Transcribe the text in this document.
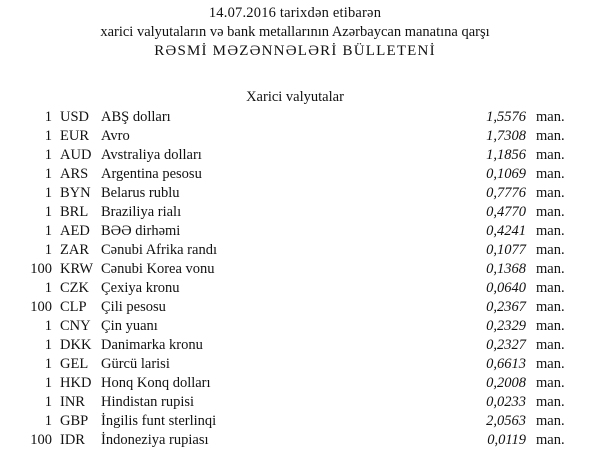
14.07.2016 tarixdən etibarən
xarici valyutaların və bank metallarının Azərbaycan manatına qarşı
RƏSMİ MƏZƏNNƏLƏRİ BÜLLETENİ
Xarici valyutalar
1 USD ABŞ dolları	1,5576 man.
1 EUR Avro	1,7308 man.
1 AUD Avstraliya dolları	1,1856 man.
1 ARS Argentina pesosu	0,1069 man.
1 BYN Belarus rublu	0,7776 man.
1 BRL Braziliya rialı	0,4770 man.
1 AED BƏƏ dirhəmi	0,4241 man.
1 ZAR Cənubi Afrika randı	0,1077 man.
100 KRW Cənubi Korea vonu	0,1368 man.
1 CZK Çexiya kronu	0,0640 man.
100 CLP Çili pesosu	0,2367 man.
1 CNY Çin yuanı	0,2329 man.
1 DKK Danimarka kronu	0,2327 man.
1 GEL Gürcü larisi	0,6613 man.
1 HKD Honq Konq dolları	0,2008 man.
1 INR Hindistan rupisi	0,0233 man.
1 GBP İngilis funt sterlinqi	2,0563 man.
100 IDR İndoneziya rupiası	0,0119 man.
